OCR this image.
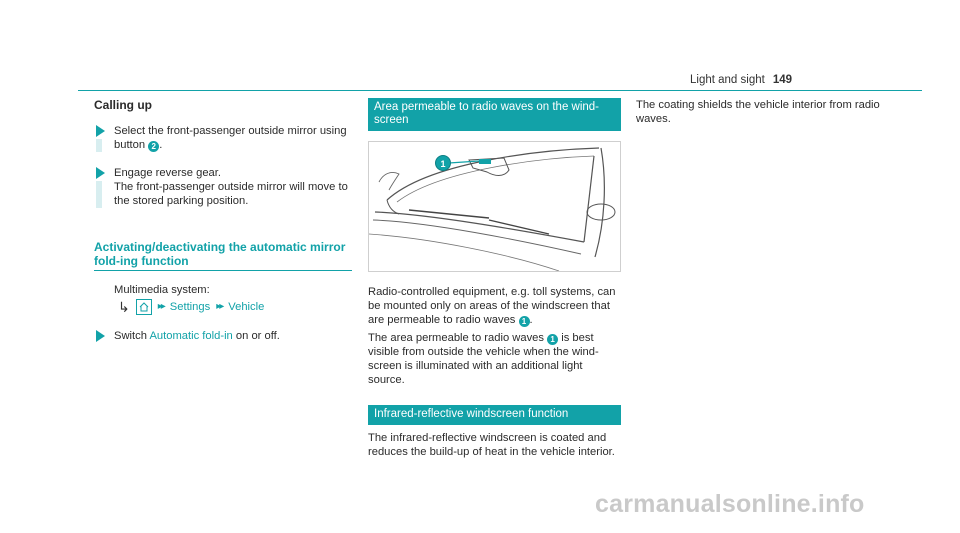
Light and sight 149
Calling up
Select the front-passenger outside mirror using button 2 .
Engage reverse gear.
The front-passenger outside mirror will move to the stored parking position.
Activating/deactivating the automatic mirror fold-ing function
Multimedia system:
↳	▸▸ Settings ▸▸ Vehicle
Switch Automatic fold-in on or off.
Area permeable to radio waves on the wind-screen
1

Radio-controlled equipment, e.g. toll systems, can be mounted only on areas of the windscreen that are permeable to radio waves 1 .

The area permeable to radio waves 1 is best visible from outside the vehicle when the wind-screen is illuminated with an additional light source.

Infrared-reflective windscreen function

The infrared-reflective windscreen is coated and reduces the build-up of heat in the vehicle interior.

The coating shields the vehicle interior from radio waves.

carmanualsonline.info
